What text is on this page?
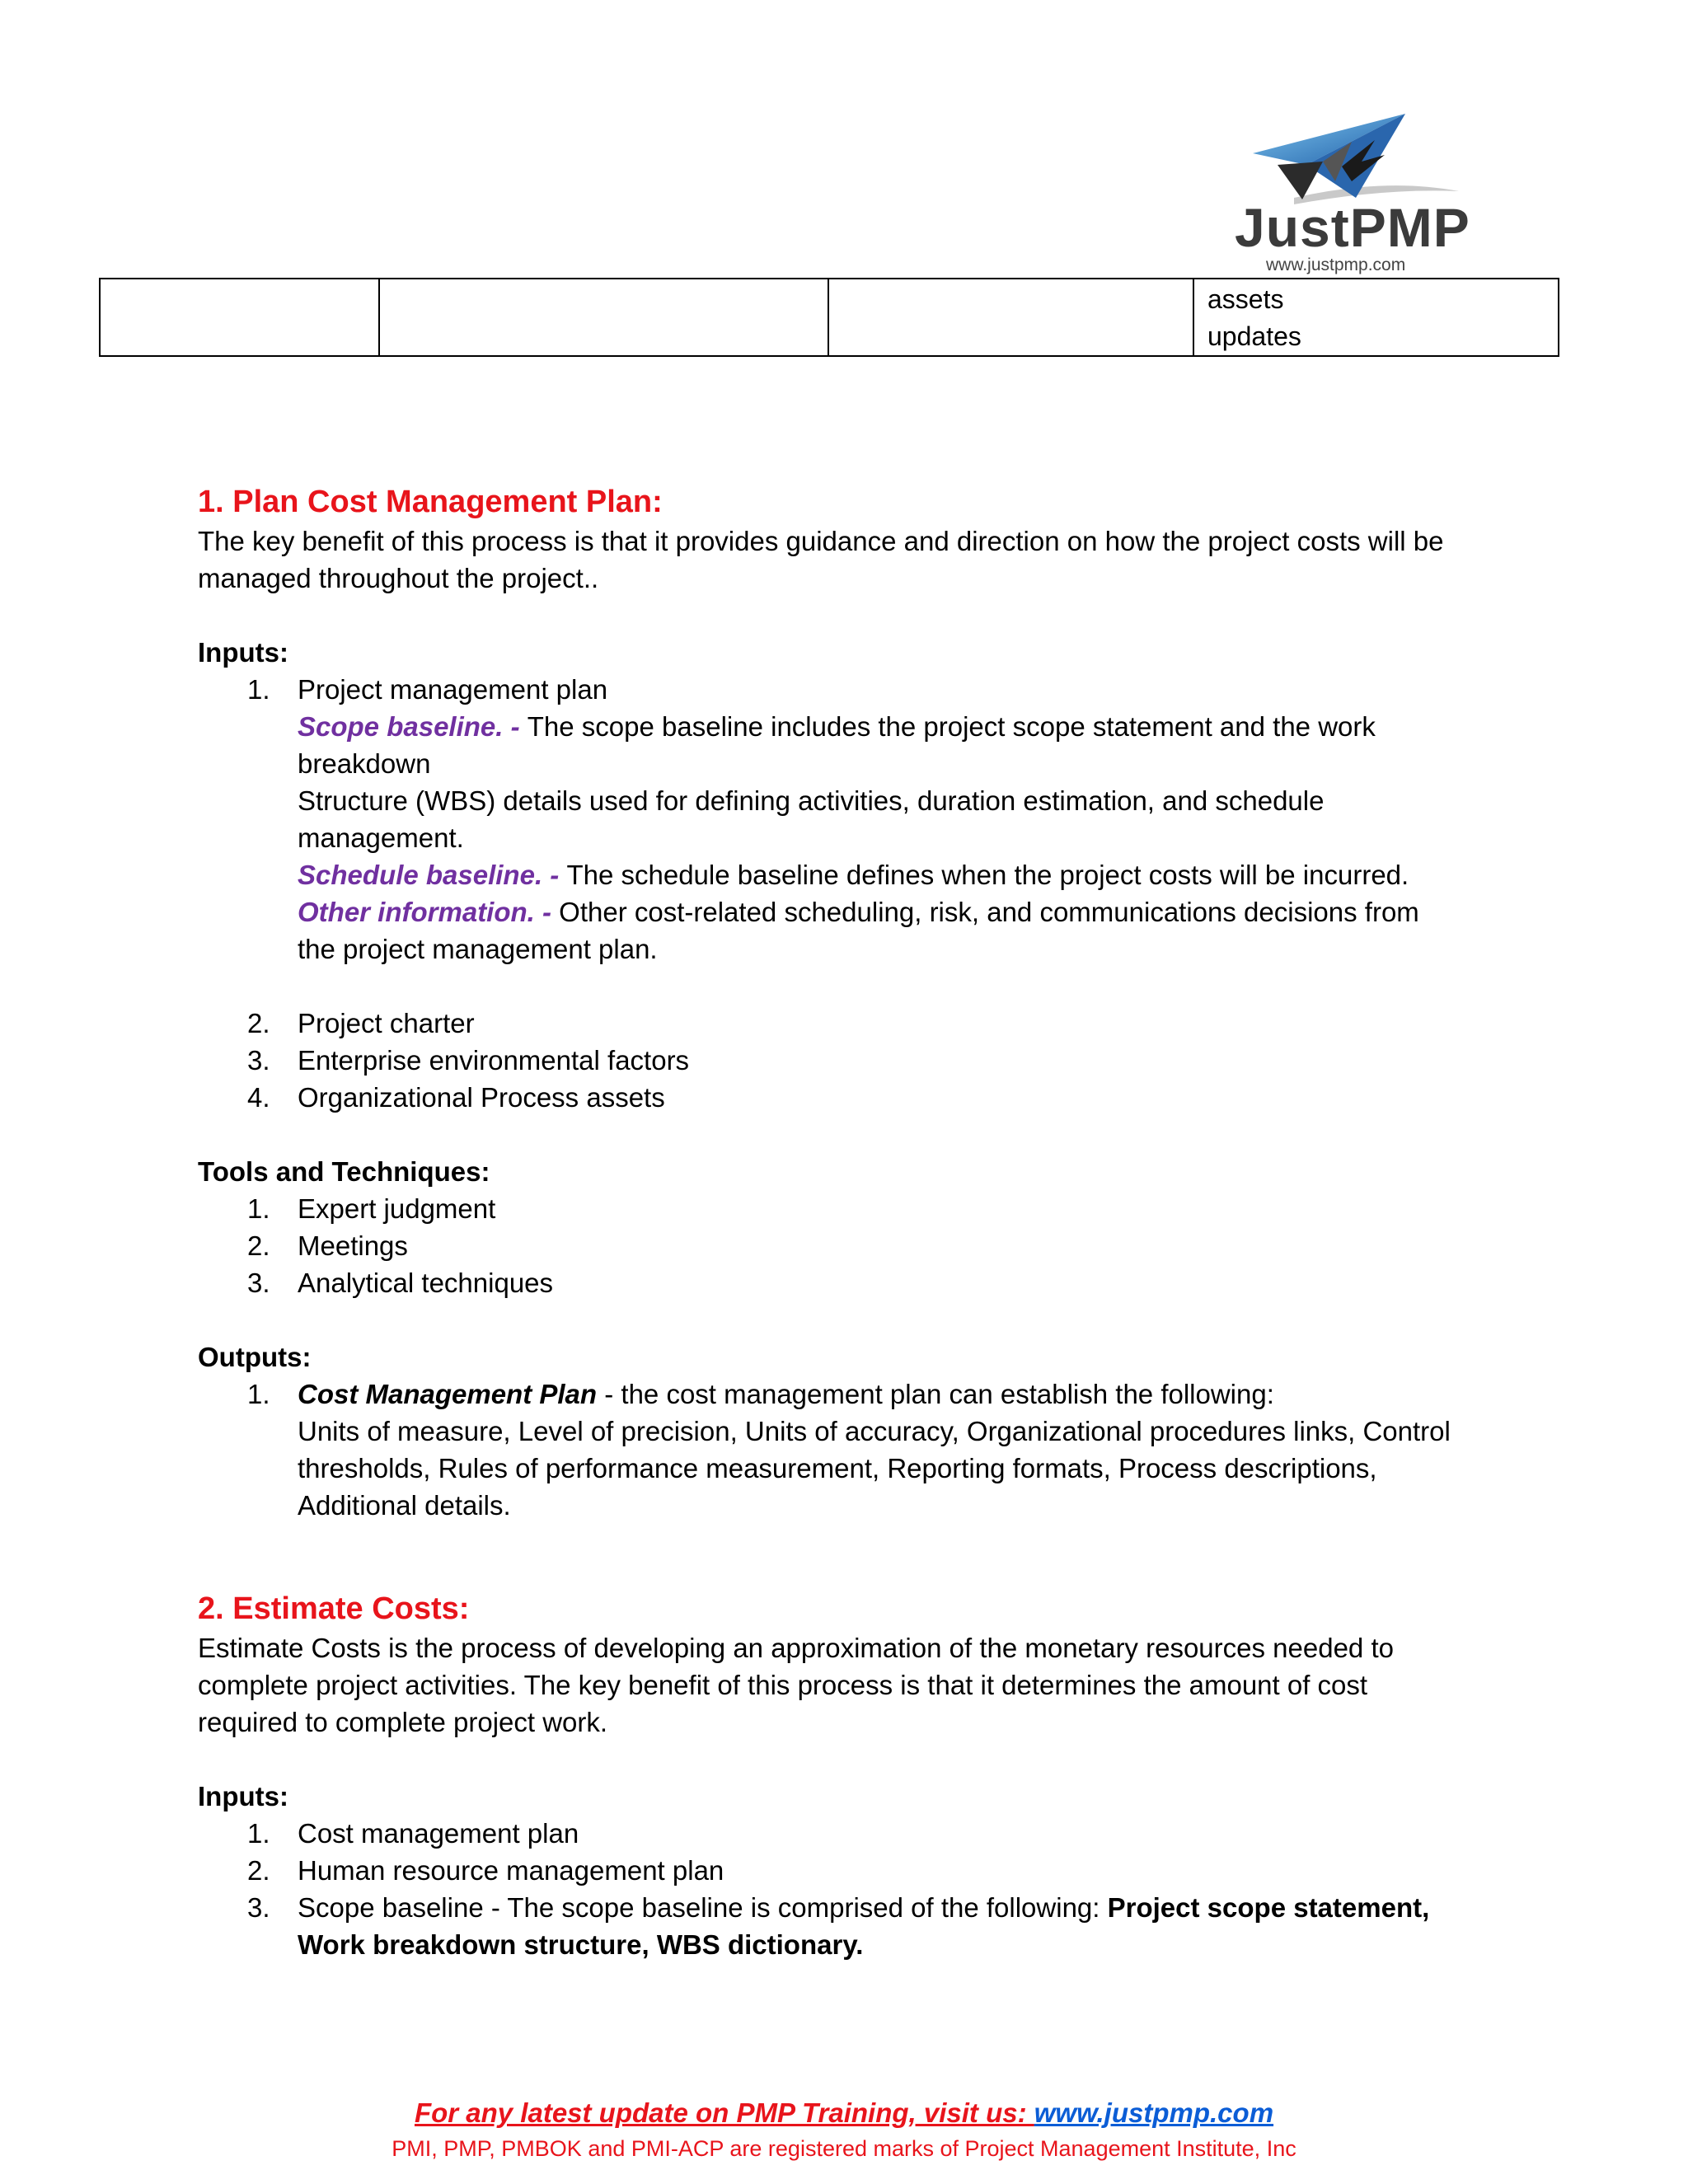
JustPMP
www.justpmp.com

assets
updates
1. Plan Cost Management Plan:
The key benefit of this process is that it provides guidance and direction on how the project costs will be
managed throughout the project..
Inputs:
1.	Project management plan
Scope baseline. - The scope baseline includes the project scope statement and the work
breakdown
Structure (WBS) details used for defining activities, duration estimation, and schedule
management.
Schedule baseline. - The schedule baseline defines when the project costs will be incurred.
Other information. - Other cost-related scheduling, risk, and communications decisions from
the project management plan.
2.	Project charter
3.	Enterprise environmental factors
4.	Organizational Process assets
Tools and Techniques:
1.	Expert judgment
2.	Meetings
3.	Analytical techniques
Outputs:
1.	Cost Management Plan - the cost management plan can establish the following:
Units of measure, Level of precision, Units of accuracy, Organizational procedures links, Control
thresholds, Rules of performance measurement, Reporting formats, Process descriptions,
Additional details.
2. Estimate Costs:
Estimate Costs is the process of developing an approximation of the monetary resources needed to
complete project activities. The key benefit of this process is that it determines the amount of cost
required to complete project work.
Inputs:
1.	Cost management plan
2.	Human resource management plan
3.	Scope baseline - The scope baseline is comprised of the following: Project scope statement,
Work breakdown structure, WBS dictionary.
For any latest update on PMP Training, visit us: www.justpmp.com
PMI, PMP, PMBOK and PMI-ACP are registered marks of Project Management Institute, Inc
